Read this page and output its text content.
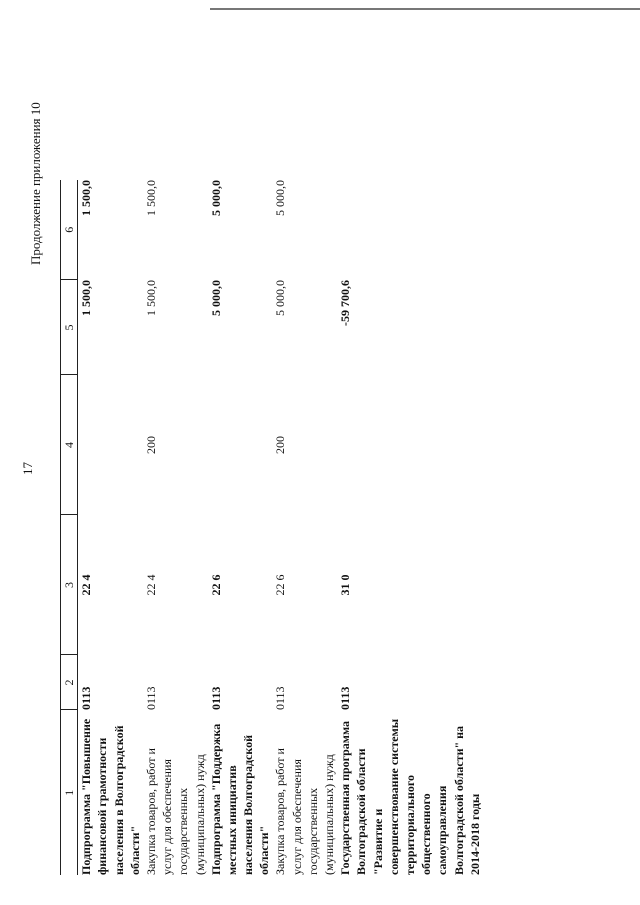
17
Продолжение приложения 10
1	2	3	4	5	6
Подпрограмма "Повышение финансовой грамотности населения в Волгоградской области"	0113	22 4		1 500,0	1 500,0
Закупка товаров, работ и услуг для обеспечения государственных (муниципальных) нужд	0113	22 4	200	1 500,0	1 500,0
Подпрограмма "Поддержка местных инициатив населения Волгоградской области"	0113	22 6		5 000,0	5 000,0
Закупка товаров, работ и услуг для обеспечения государственных (муниципальных) нужд	0113	22 6	200	5 000,0	5 000,0
Государственная программа Волгоградской области "Развитие и совершенствование системы территориального общественного самоуправления Волгоградской области" на 2014-2018 годы	0113	31 0		-59 700,6	
